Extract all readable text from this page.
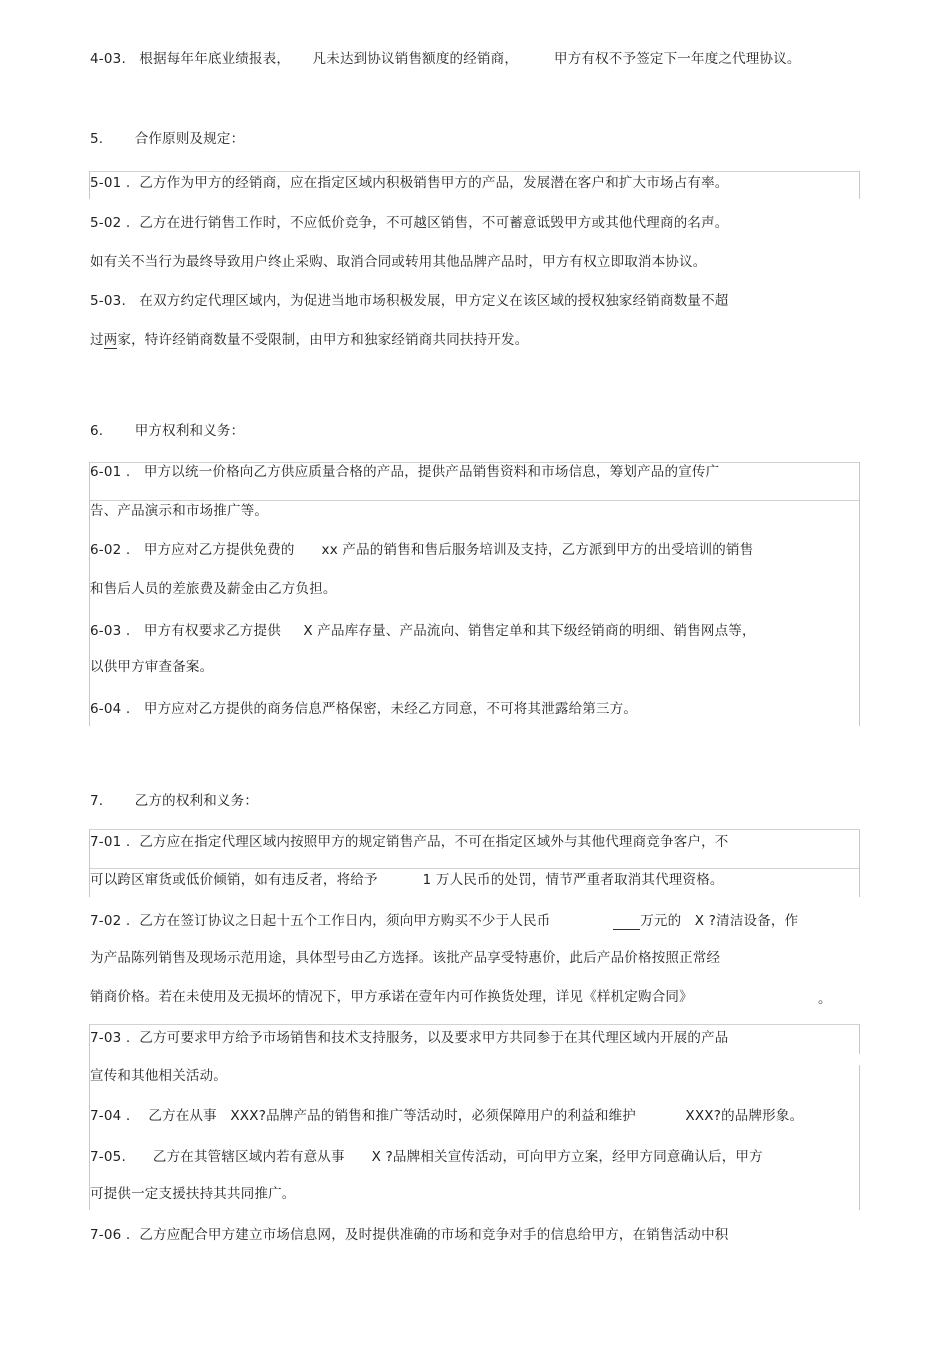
4-03.   根据每年年底业绩报表，     凡未达到协议销售额度的经销商，        甲方有权不予签定下一年度之代理协议。
5.       合作原则及规定：
5-01 .  乙方作为甲方的经销商，应在指定区域内积极销售甲方的产品，发展潜在客户和扩大市场占有率。
5-02 .  乙方在进行销售工作时，不应低价竞争，不可越区销售，不可蓄意诋毁甲方或其他代理商的名声。
如有关不当行为最终导致用户终止采购、取消合同或转用其他品牌产品时，甲方有权立即取消本协议。
5-03.   在双方约定代理区域内，为促进当地市场积极发展，甲方定义在该区域的授权独家经销商数量不超
过两家，特许经销商数量不受限制，由甲方和独家经销商共同扶持开发。
6.       甲方权利和义务：
6-01 .   甲方以统一价格向乙方供应质量合格的产品，提供产品销售资料和市场信息，筹划产品的宣传广
告、产品演示和市场推广等。
6-02 .   甲方应对乙方提供免费的      xx 产品的销售和售后服务培训及支持，乙方派到甲方的出受培训的销售
和售后人员的差旅费及薪金由乙方负担。
6-03 .   甲方有权要求乙方提供     X 产品库存量、产品流向、销售定单和其下级经销商的明细、销售网点等，
以供甲方审查备案。
6-04 .   甲方应对乙方提供的商务信息严格保密，未经乙方同意，不可将其泄露给第三方。
7.       乙方的权利和义务：
7-01 .  乙方应在指定代理区域内按照甲方的规定销售产品，不可在指定区域外与其他代理商竞争客户，不
可以跨区窜货或低价倾销，如有违反者，将给予          1 万人民币的处罚，情节严重者取消其代理资格。
7-02 .  乙方在签订协议之日起十五个工作日内，须向甲方购买不少于人民币                    万元的   X ?清洁设备，作
为产品陈列销售及现场示范用途，具体型号由乙方选择。该批产品享受特惠价，此后产品价格按照正常经
销商价格。若在未使用及无损坏的情况下，甲方承诺在壹年内可作换货处理，详见《样机定购合同》	。
7-03 .  乙方可要求甲方给予市场销售和技术支持服务，以及要求甲方共同参于在其代理区域内开展的产品
宣传和其他相关活动。
7-04 .    乙方在从事   XXX?品牌产品的销售和推广等活动时，必须保障用户的利益和维护           XXX?的品牌形象。
7-05.      乙方在其管辖区域内若有意从事      X ?品牌相关宣传活动，可向甲方立案，经甲方同意确认后，甲方
可提供一定支援扶持其共同推广。
7-06 .  乙方应配合甲方建立市场信息网，及时提供准确的市场和竞争对手的信息给甲方，在销售活动中积
